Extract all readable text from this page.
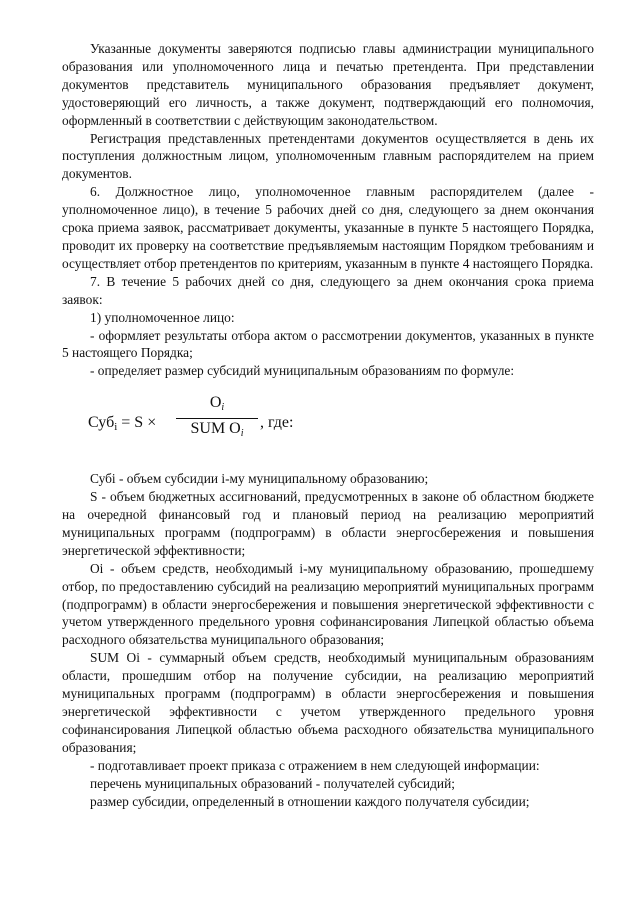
Указанные документы заверяются подписью главы администрации муниципального образования или уполномоченного лица и печатью претендента. При представлении документов представитель муниципального образования предъявляет документ, удостоверяющий его личность, а также документ, подтверждающий его полномочия, оформленный в соответствии с действующим законодательством.

Регистрация представленных претендентами документов осуществляется в день их поступления должностным лицом, уполномоченным главным распорядителем на прием документов.

6. Должностное лицо, уполномоченное главным распорядителем (далее - уполномоченное лицо), в течение 5 рабочих дней со дня, следующего за днем окончания срока приема заявок, рассматривает документы, указанные в пункте 5 настоящего Порядка, проводит их проверку на соответствие предъявляемым настоящим Порядком требованиям и осуществляет отбор претендентов по критериям, указанным в пункте 4 настоящего Порядка.

7. В течение 5 рабочих дней со дня, следующего за днем окончания срока приема заявок:

1) уполномоченное лицо:

- оформляет результаты отбора актом о рассмотрении документов, указанных в пункте 5 настоящего Порядка;

- определяет размер субсидий муниципальным образованиям по формуле:

Суб$_i$ = S ×
Oi
SUM Oi
, где:

Субi - объем субсидии i-му муниципальному образованию;

S - объем бюджетных ассигнований, предусмотренных в законе об областном бюджете на очередной финансовый год и плановый период на реализацию мероприятий муниципальных программ (подпрограмм) в области энергосбережения и повышения энергетической эффективности;

Oi - объем средств, необходимый i-му муниципальному образованию, прошедшему отбор, по предоставлению субсидий на реализацию мероприятий муниципальных программ (подпрограмм) в области энергосбережения и повышения энергетической эффективности с учетом утвержденного предельного уровня софинансирования Липецкой областью объема расходного обязательства муниципального образования;

SUM Oi - суммарный объем средств, необходимый муниципальным образованиям области, прошедшим отбор на получение субсидии, на реализацию мероприятий муниципальных программ (подпрограмм) в области энергосбережения и повышения энергетической эффективности с учетом утвержденного предельного уровня софинансирования Липецкой областью объема расходного обязательства муниципального образования;

- подготавливает проект приказа с отражением в нем следующей информации:

перечень муниципальных образований - получателей субсидий;

размер субсидии, определенный в отношении каждого получателя субсидии;
